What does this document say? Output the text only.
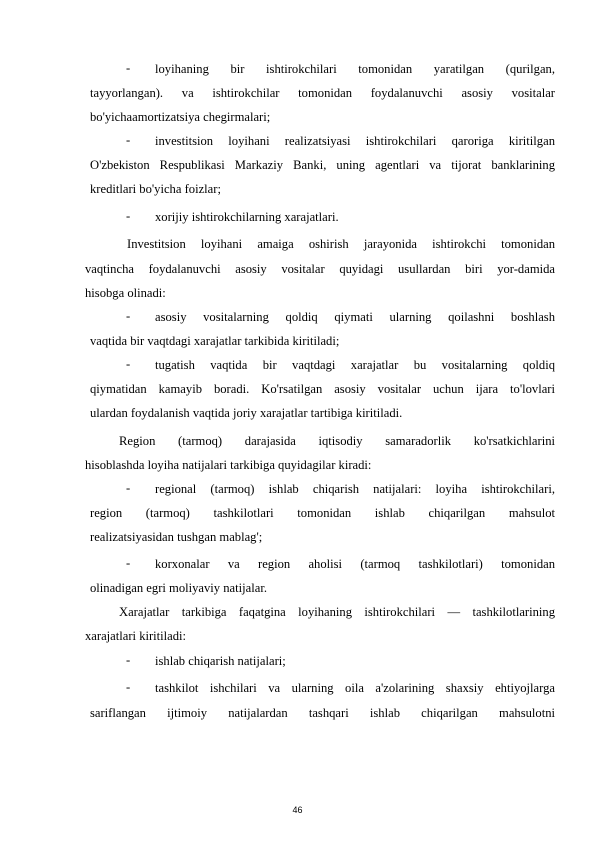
- loyihaning bir ishtirokchilari tomonidan yaratilgan (qurilgan,
tayyorlangan). va ishtirokchilar tomonidan foydalanuvchi asosiy vositalar
bo'yichaamortizatsiya chegirmalari;
- investitsion loyihani realizatsiyasi ishtirokchilari qaroriga kiritilgan
O'zbekiston Respublikasi Markaziy Banki, uning agentlari va tijorat banklarining
kreditlari bo'yicha foizlar;
- xorijiy ishtirokchilarning xarajatlari.
Investitsion loyihani amaiga oshirish jarayonida ishtirokchi tomonidan
vaqtincha foydalanuvchi asosiy vositalar quyidagi usullardan biri yor-damida
hisobga olinadi:
- asosiy vositalarning qoldiq qiymati ularning qoilashni boshlash
vaqtida bir vaqtdagi xarajatlar tarkibida kiritiladi;
- tugatish vaqtida bir vaqtdagi xarajatlar bu vositalarning qoldiq
qiymatidan kamayib boradi. Ko'rsatilgan asosiy vositalar uchun ijara to'lovlari
ulardan foydalanish vaqtida joriy xarajatlar tartibiga kiritiladi.
Region (tarmoq) darajasida iqtisodiy samaradorlik ko'rsatkichlarini
hisoblashda loyiha natijalari tarkibiga quyidagilar kiradi:
- regional (tarmoq) ishlab chiqarish natijalari: loyiha ishtirokchilari,
region (tarmoq) tashkilotlari tomonidan ishlab chiqarilgan mahsulot
realizatsiyasidan tushgan mablag';
- korxonalar va region aholisi (tarmoq tashkilotlari) tomonidan
olinadigan egri moliyaviy natijalar.
Xarajatlar tarkibiga faqatgina loyihaning ishtirokchilari — tashkilotlarining
xarajatlari kiritiladi:
- ishlab chiqarish natijalari;
- tashkilot ishchilari va ularning oila a'zolarining shaxsiy ehtiyojlarga
sariflangan ijtimoiy natijalardan tashqari ishlab chiqarilgan mahsulotni
46
